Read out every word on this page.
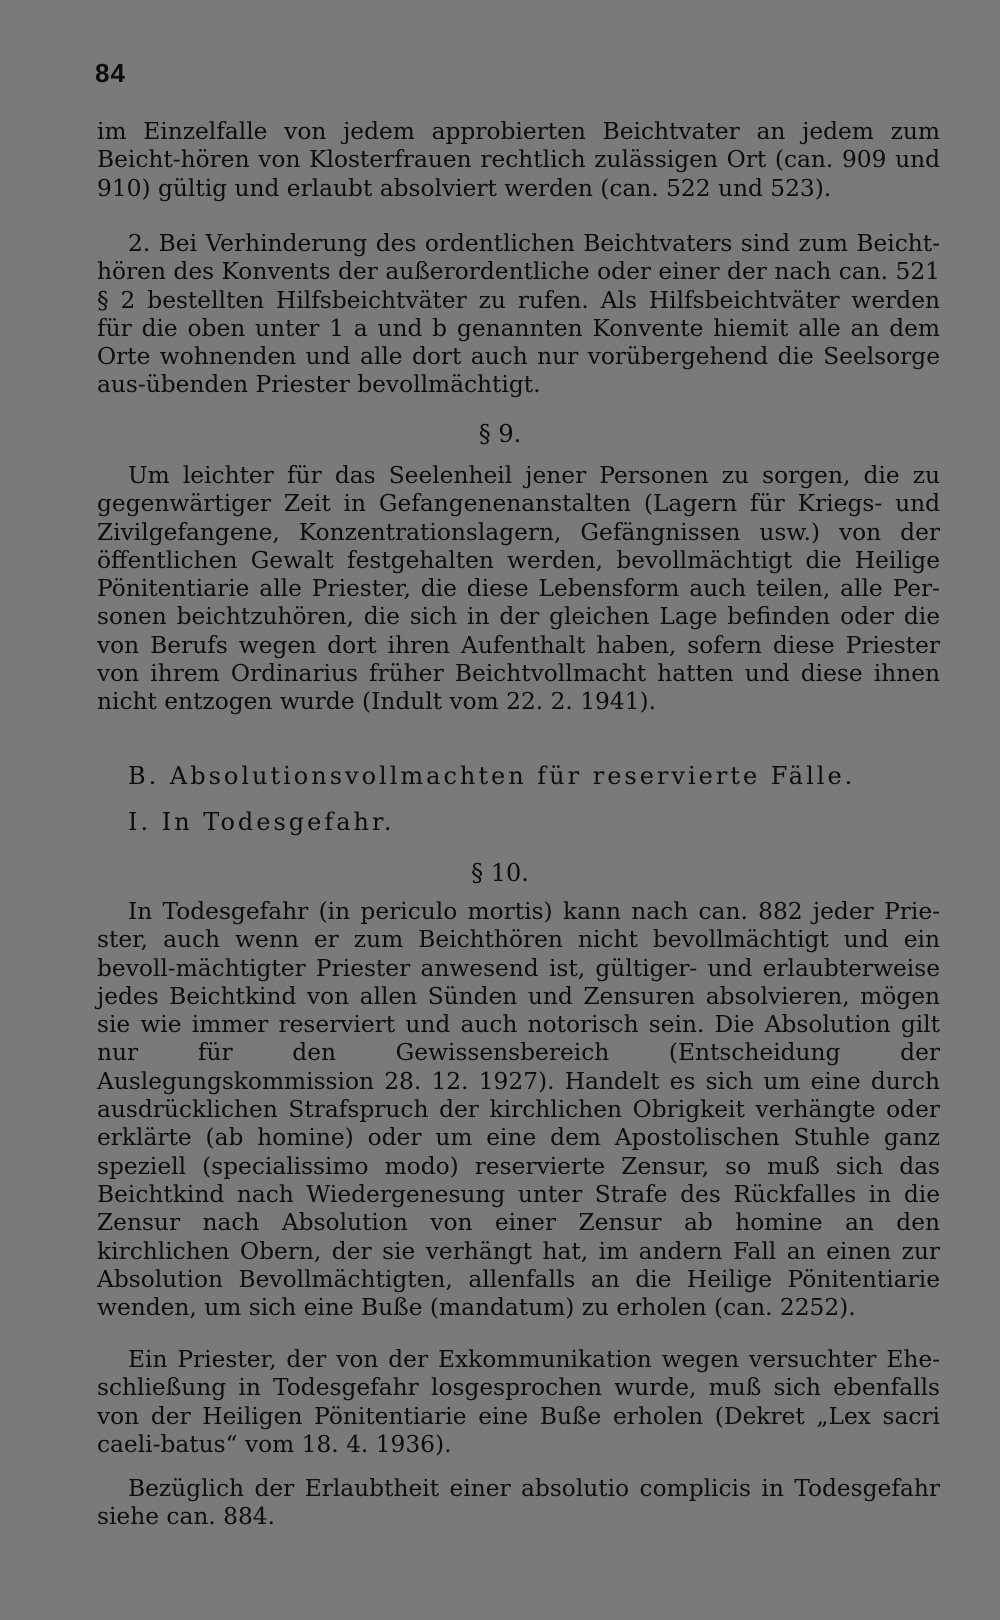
84

im Einzelfalle von jedem approbierten Beichtvater an jedem zum Beicht-hören von Klosterfrauen rechtlich zulässigen Ort (can. 909 und 910) gültig und erlaubt absolviert werden (can. 522 und 523).

2. Bei Verhinderung des ordentlichen Beichtvaters sind zum Beicht-hören des Konvents der außerordentliche oder einer der nach can. 521 § 2 bestellten Hilfsbeichtväter zu rufen. Als Hilfsbeichtväter werden für die oben unter 1 a und b genannten Konvente hiemit alle an dem Orte wohnenden und alle dort auch nur vorübergehend die Seelsorge aus-übenden Priester bevollmächtigt.

§ 9.

Um leichter für das Seelenheil jener Personen zu sorgen, die zu gegenwärtiger Zeit in Gefangenenanstalten (Lagern für Kriegs- und Zivilgefangene, Konzentrationslagern, Gefängnissen usw.) von der öffentlichen Gewalt festgehalten werden, bevollmächtigt die Heilige Pönitentiarie alle Priester, die diese Lebensform auch teilen, alle Per-sonen beichtzuhören, die sich in der gleichen Lage befinden oder die von Berufs wegen dort ihren Aufenthalt haben, sofern diese Priester von ihrem Ordinarius früher Beichtvollmacht hatten und diese ihnen nicht entzogen wurde (Indult vom 22. 2. 1941).

B. Absolutionsvollmachten für reservierte Fälle.
I. In Todesgefahr.
§ 10.

In Todesgefahr (in periculo mortis) kann nach can. 882 jeder Prie-ster, auch wenn er zum Beichthören nicht bevollmächtigt und ein bevoll-mächtigter Priester anwesend ist, gültiger- und erlaubterweise jedes Beichtkind von allen Sünden und Zensuren absolvieren, mögen sie wie immer reserviert und auch notorisch sein. Die Absolution gilt nur für den Gewissensbereich (Entscheidung der Auslegungskommission 28. 12. 1927). Handelt es sich um eine durch ausdrücklichen Strafspruch der kirchlichen Obrigkeit verhängte oder erklärte (ab homine) oder um eine dem Apostolischen Stuhle ganz speziell (specialissimo modo) reservierte Zensur, so muß sich das Beichtkind nach Wiedergenesung unter Strafe des Rückfalles in die Zensur nach Absolution von einer Zensur ab homine an den kirchlichen Obern, der sie verhängt hat, im andern Fall an einen zur Absolution Bevollmächtigten, allenfalls an die Heilige Pönitentiarie wenden, um sich eine Buße (mandatum) zu erholen (can. 2252).

Ein Priester, der von der Exkommunikation wegen versuchter Ehe-schließung in Todesgefahr losgesprochen wurde, muß sich ebenfalls von der Heiligen Pönitentiarie eine Buße erholen (Dekret „Lex sacri caeli-batus“ vom 18. 4. 1936).

Bezüglich der Erlaubtheit einer absolutio complicis in Todesgefahr siehe can. 884.
